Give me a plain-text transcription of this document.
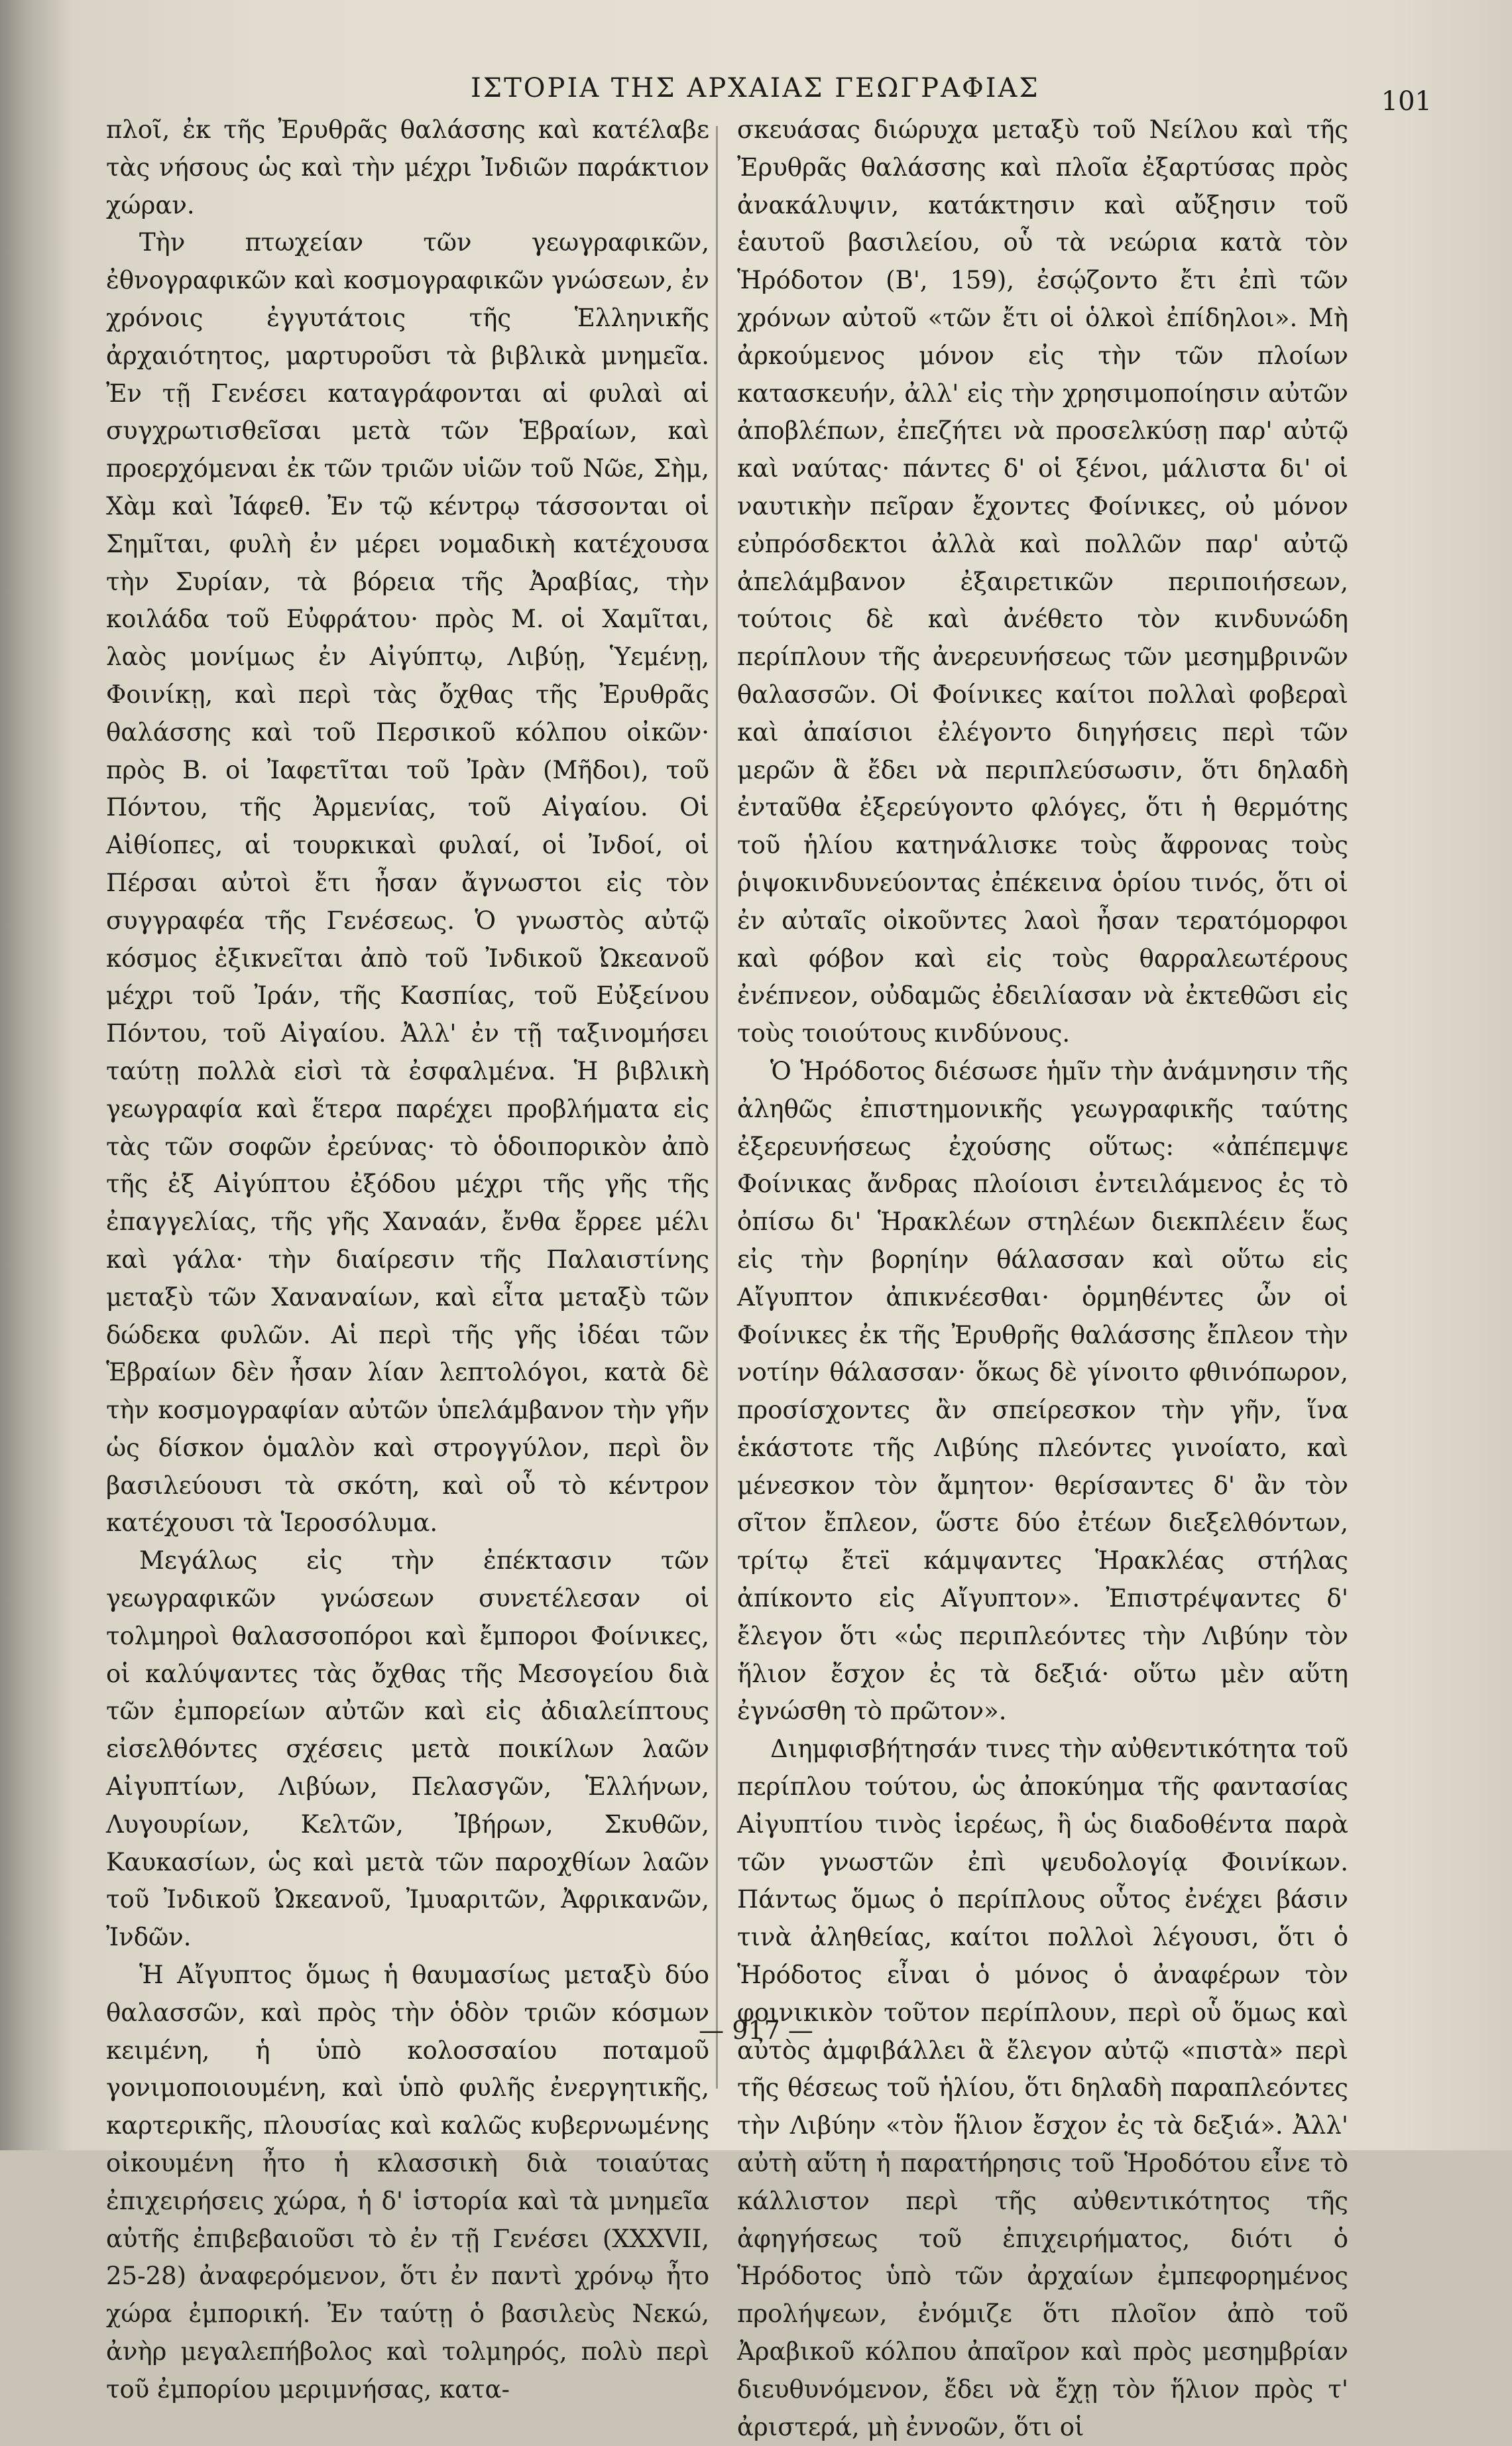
ΙΣΤΟΡΙΑ ΤΗΣ ΑΡΧΑΙΑΣ ΓΕΩΓΡΑΦΙΑΣ	101

πλοῖ, ἐκ τῆς Ἐρυθρᾶς θαλάσσης καὶ κατέλαβε τὰς νήσους ὡς καὶ τὴν μέχρι Ἰνδιῶν παράκτιον χώραν.

Τὴν πτωχείαν τῶν γεωγραφικῶν, ἐθνογραφικῶν καὶ κοσμογραφικῶν γνώσεων, ἐν χρόνοις ἐγγυτάτοις τῆς Ἑλληνικῆς ἀρχαιότητος, μαρτυροῦσι τὰ βιβλικὰ μνημεῖα. Ἐν τῇ Γενέσει καταγράφονται αἱ φυλαὶ αἱ συγχρωτισθεῖσαι μετὰ τῶν Ἑβραίων, καὶ προερχόμεναι ἐκ τῶν τριῶν υἱῶν τοῦ Νῶε, Σὴμ, Χὰμ καὶ Ἰάφεθ. Ἐν τῷ κέντρῳ τάσσονται οἱ Σημῖται, φυλὴ ἐν μέρει νομαδικὴ κατέχουσα τὴν Συρίαν, τὰ βόρεια τῆς Ἀραβίας, τὴν κοιλάδα τοῦ Εὐφράτου· πρὸς Μ. οἱ Χαμῖται, λαὸς μονίμως ἐν Αἰγύπτῳ, Λιβύῃ, Ὑεμένῃ, Φοινίκῃ, καὶ περὶ τὰς ὄχθας τῆς Ἐρυθρᾶς θαλάσσης καὶ τοῦ Περσικοῦ κόλπου οἰκῶν· πρὸς Β. οἱ Ἰαφετῖται τοῦ Ἰρὰν (Μῆδοι), τοῦ Πόντου, τῆς Ἀρμενίας, τοῦ Αἰγαίου. Οἱ Αἰθίοπες, αἱ τουρκικαὶ φυλαί, οἱ Ἰνδοί, οἱ Πέρσαι αὐτοὶ ἔτι ἦσαν ἄγνωστοι εἰς τὸν συγγραφέα τῆς Γενέσεως. Ὁ γνωστὸς αὐτῷ κόσμος ἐξικνεῖται ἀπὸ τοῦ Ἰνδικοῦ Ὠκεανοῦ μέχρι τοῦ Ἰράν, τῆς Κασπίας, τοῦ Εὐξείνου Πόντου, τοῦ Αἰγαίου. Ἀλλ' ἐν τῇ ταξινομήσει ταύτῃ πολλὰ εἰσὶ τὰ ἐσφαλμένα. Ἡ βιβλικὴ γεωγραφία καὶ ἕτερα παρέχει προβλήματα εἰς τὰς τῶν σοφῶν ἐρεύνας· τὸ ὁδοιπορικὸν ἀπὸ τῆς ἐξ Αἰγύπτου ἐξόδου μέχρι τῆς γῆς τῆς ἐπαγγελίας, τῆς γῆς Χαναάν, ἔνθα ἔρρεε μέλι καὶ γάλα· τὴν διαίρεσιν τῆς Παλαιστίνης μεταξὺ τῶν Χαναναίων, καὶ εἶτα μεταξὺ τῶν δώδεκα φυλῶν. Αἱ περὶ τῆς γῆς ἰδέαι τῶν Ἑβραίων δὲν ἦσαν λίαν λεπτολόγοι, κατὰ δὲ τὴν κοσμογραφίαν αὐτῶν ὑπελάμβανον τὴν γῆν ὡς δίσκον ὁμαλὸν καὶ στρογγύλον, περὶ ὃν βασιλεύουσι τὰ σκότη, καὶ οὗ τὸ κέντρον κατέχουσι τὰ Ἱεροσόλυμα.

Μεγάλως εἰς τὴν ἐπέκτασιν τῶν γεωγραφικῶν γνώσεων συνετέλεσαν οἱ τολμηροὶ θαλασσοπόροι καὶ ἔμποροι Φοίνικες, οἱ καλύψαντες τὰς ὄχθας τῆς Μεσογείου διὰ τῶν ἐμπορείων αὐτῶν καὶ εἰς ἀδιαλείπτους εἰσελθόντες σχέσεις μετὰ ποικίλων λαῶν Αἰγυπτίων, Λιβύων, Πελασγῶν, Ἑλλήνων, Λυγουρίων, Κελτῶν, Ἰβήρων, Σκυθῶν, Καυκασίων, ὡς καὶ μετὰ τῶν παροχθίων λαῶν τοῦ Ἰνδικοῦ Ὠκεανοῦ, Ἰμυαριτῶν, Ἀφρικανῶν, Ἰνδῶν.

Ἡ Αἴγυπτος ὅμως ἡ θαυμασίως μεταξὺ δύο θαλασσῶν, καὶ πρὸς τὴν ὁδὸν τριῶν κόσμων κειμένη, ἡ ὑπὸ κολοσσαίου ποταμοῦ γονιμοποιουμένη, καὶ ὑπὸ φυλῆς ἐνεργητικῆς, καρτερικῆς, πλουσίας καὶ καλῶς κυβερνωμένης οἰκουμένη ἦτο ἡ κλασσικὴ διὰ τοιαύτας ἐπιχειρήσεις χώρα, ἡ δ' ἱστορία καὶ τὰ μνημεῖα αὐτῆς ἐπιβεβαιοῦσι τὸ ἐν τῇ Γενέσει (XXXVII, 25-28) ἀναφερόμενον, ὅτι ἐν παντὶ χρόνῳ ἦτο χώρα ἐμπορική. Ἐν ταύτῃ ὁ βασιλεὺς Νεκώ, ἀνὴρ μεγαλεπήβολος καὶ τολμηρός, πολὺ περὶ τοῦ ἐμπορίου μεριμνήσας, κατα-

σκευάσας διώρυχα μεταξὺ τοῦ Νείλου καὶ τῆς Ἐρυθρᾶς θαλάσσης καὶ πλοῖα ἐξαρτύσας πρὸς ἀνακάλυψιν, κατάκτησιν καὶ αὔξησιν τοῦ ἑαυτοῦ βασιλείου, οὗ τὰ νεώρια κατὰ τὸν Ἡρόδοτον (Β', 159), ἐσῴζοντο ἔτι ἐπὶ τῶν χρόνων αὐτοῦ «τῶν ἔτι οἱ ὁλκοὶ ἐπίδηλοι». Μὴ ἀρκούμενος μόνον εἰς τὴν τῶν πλοίων κατασκευήν, ἀλλ' εἰς τὴν χρησιμοποίησιν αὐτῶν ἀποβλέπων, ἐπεζήτει νὰ προσελκύσῃ παρ' αὐτῷ καὶ ναύτας· πάντες δ' οἱ ξένοι, μάλιστα δι' οἱ ναυτικὴν πεῖραν ἔχοντες Φοίνικες, οὐ μόνον εὐπρόσδεκτοι ἀλλὰ καὶ πολλῶν παρ' αὐτῷ ἀπελάμβανον ἐξαιρετικῶν περιποιήσεων, τούτοις δὲ καὶ ἀνέθετο τὸν κινδυνώδη περίπλουν τῆς ἀνερευνήσεως τῶν μεσημβρινῶν θαλασσῶν. Οἱ Φοίνικες καίτοι πολλαὶ φοβεραὶ καὶ ἀπαίσιοι ἐλέγοντο διηγήσεις περὶ τῶν μερῶν ἃ ἔδει νὰ περιπλεύσωσιν, ὅτι δηλαδὴ ἐνταῦθα ἐξερεύγοντο φλόγες, ὅτι ἡ θερμότης τοῦ ἡλίου κατηνάλισκε τοὺς ἄφρονας τοὺς ῥιψοκινδυνεύοντας ἐπέκεινα ὁρίου τινός, ὅτι οἱ ἐν αὐταῖς οἰκοῦντες λαοὶ ἦσαν τερατόμορφοι καὶ φόβον καὶ εἰς τοὺς θαρραλεωτέρους ἐνέπνεον, οὐδαμῶς ἐδειλίασαν νὰ ἐκτεθῶσι εἰς τοὺς τοιούτους κινδύνους.

Ὁ Ἡρόδοτος διέσωσε ἡμῖν τὴν ἀνάμνησιν τῆς ἀληθῶς ἐπιστημονικῆς γεωγραφικῆς ταύτης ἐξερευνήσεως ἐχούσης οὕτως: «ἀπέπεμψε Φοίνικας ἄνδρας πλοίοισι ἐντειλάμενος ἐς τὸ ὀπίσω δι' Ἡρακλέων στηλέων διεκπλέειν ἕως εἰς τὴν βορηίην θάλασσαν καὶ οὕτω εἰς Αἴγυπτον ἀπικνέεσθαι· ὁρμηθέντες ὦν οἱ Φοίνικες ἐκ τῆς Ἐρυθρῆς θαλάσσης ἔπλεον τὴν νοτίην θάλασσαν· ὅκως δὲ γίνοιτο φθινόπωρον, προσίσχοντες ἂν σπείρεσκον τὴν γῆν, ἵνα ἑκάστοτε τῆς Λιβύης πλεόντες γινοίατο, καὶ μένεσκον τὸν ἄμητον· θερίσαντες δ' ἂν τὸν σῖτον ἔπλεον, ὥστε δύο ἐτέων διεξελθόντων, τρίτῳ ἔτεϊ κάμψαντες Ἡρακλέας στήλας ἀπίκοντο εἰς Αἴγυπτον». Ἐπιστρέψαντες δ' ἔλεγον ὅτι «ὡς περιπλεόντες τὴν Λιβύην τὸν ἥλιον ἔσχον ἐς τὰ δεξιά· οὕτω μὲν αὕτη ἐγνώσθη τὸ πρῶτον».

Διημφισβήτησάν τινες τὴν αὐθεντικότητα τοῦ περίπλου τούτου, ὡς ἀποκύημα τῆς φαντασίας Αἰγυπτίου τινὸς ἱερέως, ἢ ὡς διαδοθέντα παρὰ τῶν γνωστῶν ἐπὶ ψευδολογίᾳ Φοινίκων. Πάντως ὅμως ὁ περίπλους οὗτος ἐνέχει βάσιν τινὰ ἀληθείας, καίτοι πολλοὶ λέγουσι, ὅτι ὁ Ἡρόδοτος εἶναι ὁ μόνος ὁ ἀναφέρων τὸν φοινικικὸν τοῦτον περίπλουν, περὶ οὗ ὅμως καὶ αὐτὸς ἀμφιβάλλει ἃ ἔλεγον αὐτῷ «πιστὰ» περὶ τῆς θέσεως τοῦ ἡλίου, ὅτι δηλαδὴ παραπλεόντες τὴν Λιβύην «τὸν ἥλιον ἔσχον ἐς τὰ δεξιά». Ἀλλ' αὐτὴ αὕτη ἡ παρατήρησις τοῦ Ἡροδότου εἶνε τὸ κάλλιστον περὶ τῆς αὐθεντικότητος τῆς ἀφηγήσεως τοῦ ἐπιχειρήματος, διότι ὁ Ἡρόδοτος ὑπὸ τῶν ἀρχαίων ἐμπεφορημένος προλήψεων, ἐνόμιζε ὅτι πλοῖον ἀπὸ τοῦ Ἀραβικοῦ κόλπου ἀπαῖρον καὶ πρὸς μεσημβρίαν διευθυνόμενον, ἔδει νὰ ἔχῃ τὸν ἥλιον πρὸς τ' ἀριστερά, μὴ ἐννοῶν, ὅτι οἱ

— 917 —
